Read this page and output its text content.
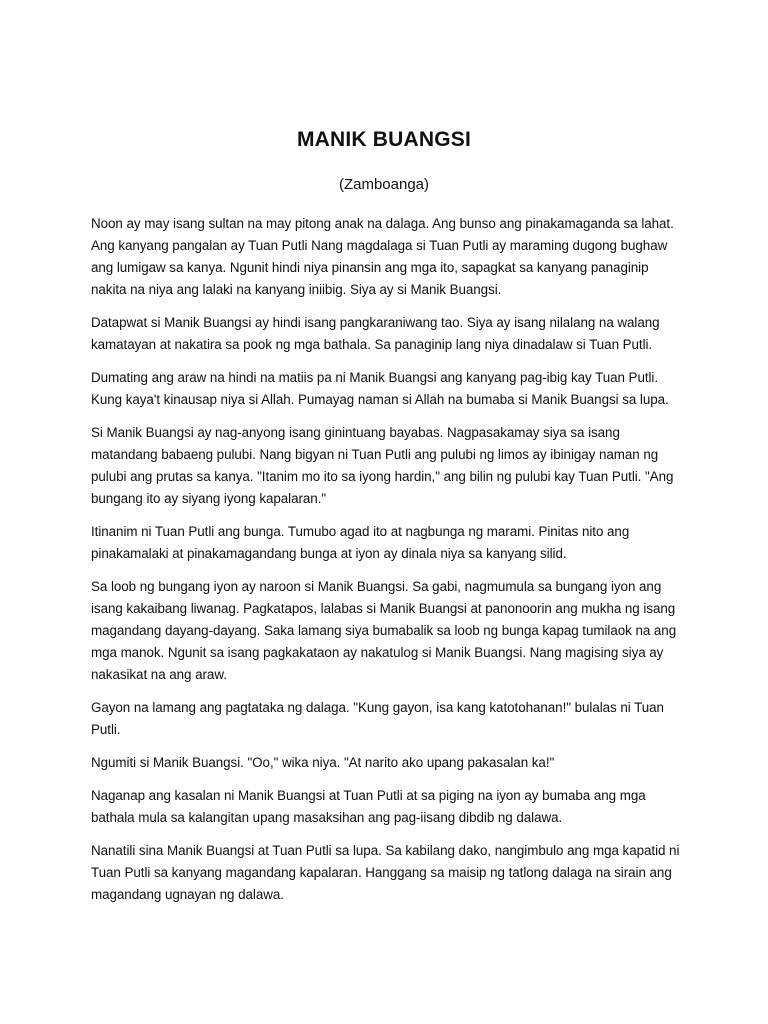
MANIK BUANGSI

(Zamboanga)

Noon ay may isang sultan na may pitong anak na dalaga. Ang bunso ang pinakamaganda sa lahat. Ang kanyang pangalan ay Tuan Putli Nang magdalaga si Tuan Putli ay maraming dugong bughaw ang lumigaw sa kanya. Ngunit hindi niya pinansin ang mga ito, sapagkat sa kanyang panaginip nakita na niya ang lalaki na kanyang iniibig. Siya ay si Manik Buangsi.

Datapwat si Manik Buangsi ay hindi isang pangkaraniwang tao. Siya ay isang nilalang na walang kamatayan at nakatira sa pook ng mga bathala. Sa panaginip lang niya dinadalaw si Tuan Putli.

Dumating ang araw na hindi na matiis pa ni Manik Buangsi ang kanyang pag-ibig kay Tuan Putli. Kung kaya't kinausap niya si Allah. Pumayag naman si Allah na bumaba si Manik Buangsi sa lupa.

Si Manik Buangsi ay nag-anyong isang ginintuang bayabas. Nagpasakamay siya sa isang matandang babaeng pulubi. Nang bigyan ni Tuan Putli ang pulubi ng limos ay ibinigay naman ng pulubi ang prutas sa kanya. "Itanim mo ito sa iyong hardin," ang bilin ng pulubi kay Tuan Putli. "Ang bungang ito ay siyang iyong kapalaran."

Itinanim ni Tuan Putli ang bunga. Tumubo agad ito at nagbunga ng marami. Pinitas nito ang pinakamalaki at pinakamagandang bunga at iyon ay dinala niya sa kanyang silid.

Sa loob ng bungang iyon ay naroon si Manik Buangsi. Sa gabi, nagmumula sa bungang iyon ang isang kakaibang liwanag. Pagkatapos, lalabas si Manik Buangsi at panonoorin ang mukha ng isang magandang dayang-dayang. Saka lamang siya bumabalik sa loob ng bunga kapag tumilaok na ang mga manok. Ngunit sa isang pagkakataon ay nakatulog si Manik Buangsi. Nang magising siya ay nakasikat na ang araw.

Gayon na lamang ang pagtataka ng dalaga. "Kung gayon, isa kang katotohanan!" bulalas ni Tuan Putli.

Ngumiti si Manik Buangsi. "Oo," wika niya. "At narito ako upang pakasalan ka!"

Naganap ang kasalan ni Manik Buangsi at Tuan Putli at sa piging na iyon ay bumaba ang mga bathala mula sa kalangitan upang masaksihan ang pag-iisang dibdib ng dalawa.

Nanatili sina Manik Buangsi at Tuan Putli sa lupa. Sa kabilang dako, nangimbulo ang mga kapatid ni Tuan Putli sa kanyang magandang kapalaran. Hanggang sa maisip ng tatlong dalaga na sirain ang magandang ugnayan ng dalawa.
